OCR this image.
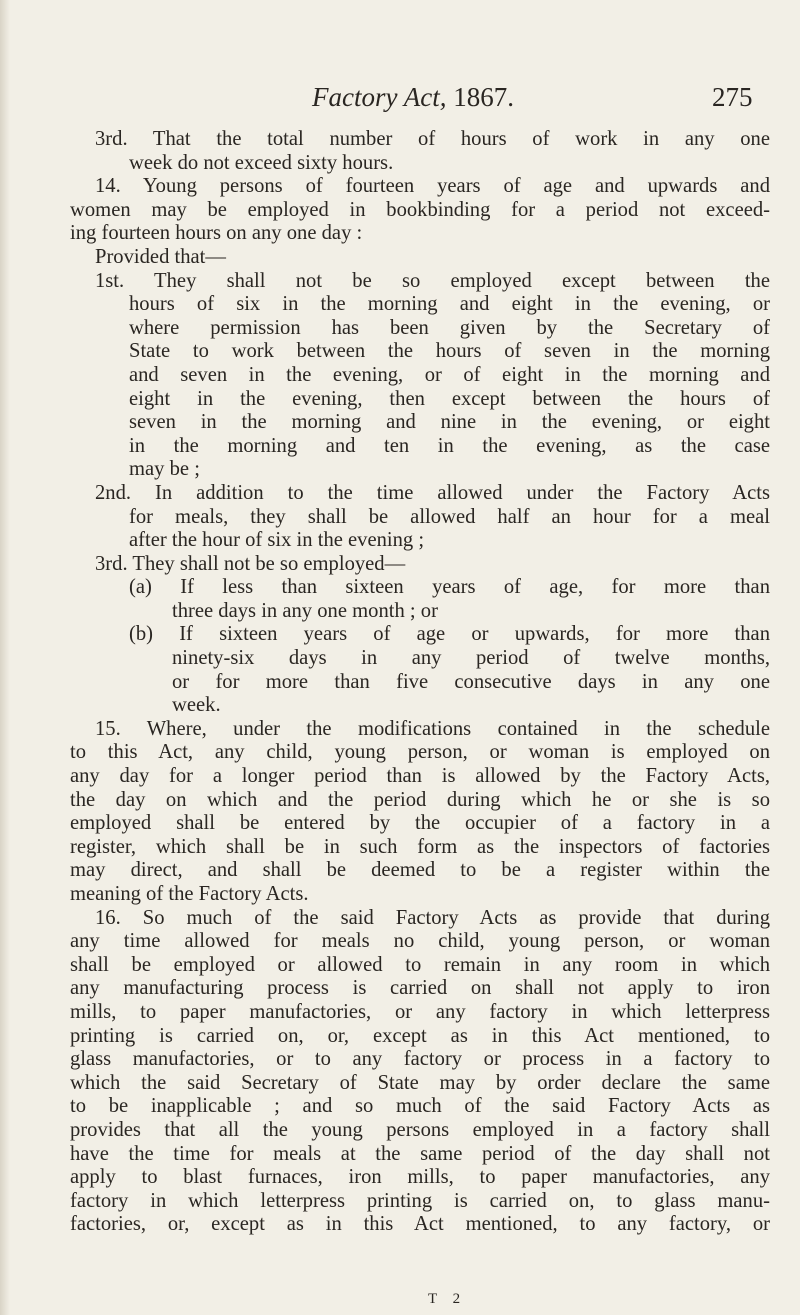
Factory Act, 1867.	275
3rd. That the total number of hours of work in any one
week do not exceed sixty hours.
14. Young persons of fourteen years of age and upwards and
women may be employed in bookbinding for a period not exceed-
ing fourteen hours on any one day :
Provided that—
1st. They shall not be so employed except between the
hours of six in the morning and eight in the evening, or
where permission has been given by the Secretary of
State to work between the hours of seven in the morning
and seven in the evening, or of eight in the morning and
eight in the evening, then except between the hours of
seven in the morning and nine in the evening, or eight
in the morning and ten in the evening, as the case
may be ;
2nd. In addition to the time allowed under the Factory Acts
for meals, they shall be allowed half an hour for a meal
after the hour of six in the evening ;
3rd. They shall not be so employed—
(a) If less than sixteen years of age, for more than
three days in any one month ; or
(b) If sixteen years of age or upwards, for more than
ninety-six days in any period of twelve months,
or for more than five consecutive days in any one
week.
15. Where, under the modifications contained in the schedule
to this Act, any child, young person, or woman is employed on
any day for a longer period than is allowed by the Factory Acts,
the day on which and the period during which he or she is so
employed shall be entered by the occupier of a factory in a
register, which shall be in such form as the inspectors of factories
may direct, and shall be deemed to be a register within the
meaning of the Factory Acts.
16. So much of the said Factory Acts as provide that during
any time allowed for meals no child, young person, or woman
shall be employed or allowed to remain in any room in which
any manufacturing process is carried on shall not apply to iron
mills, to paper manufactories, or any factory in which letterpress
printing is carried on, or, except as in this Act mentioned, to
glass manufactories, or to any factory or process in a factory to
which the said Secretary of State may by order declare the same
to be inapplicable ; and so much of the said Factory Acts as
provides that all the young persons employed in a factory shall
have the time for meals at the same period of the day shall not
apply to blast furnaces, iron mills, to paper manufactories, any
factory in which letterpress printing is carried on, to glass manu-
factories, or, except as in this Act mentioned, to any factory, or
T 2
